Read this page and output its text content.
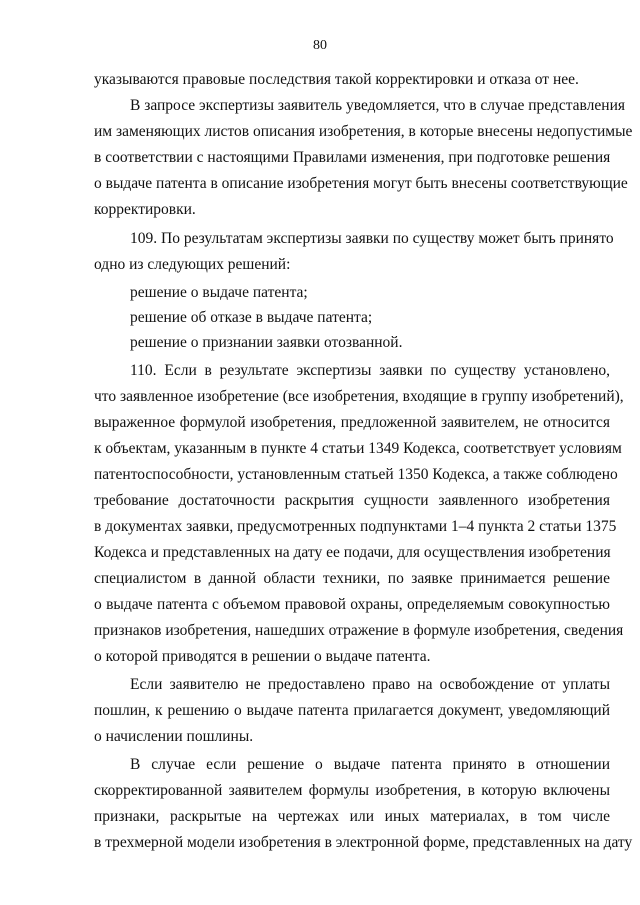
80
указываются правовые последствия такой корректировки и отказа от нее.
В запросе экспертизы заявитель уведомляется, что в случае представления
им заменяющих листов описания изобретения, в которые внесены недопустимые
в соответствии с настоящими Правилами изменения, при подготовке решения
о выдаче патента в описание изобретения могут быть внесены соответствующие
корректировки.
109. По результатам экспертизы заявки по существу может быть принято
одно из следующих решений:
решение о выдаче патента;
решение об отказе в выдаче патента;
решение о признании заявки отозванной.
110. Если в результате экспертизы заявки по существу установлено,
что заявленное изобретение (все изобретения, входящие в группу изобретений),
выраженное формулой изобретения, предложенной заявителем, не относится
к объектам, указанным в пункте 4 статьи 1349 Кодекса, соответствует условиям
патентоспособности, установленным статьей 1350 Кодекса, а также соблюдено
требование достаточности раскрытия сущности заявленного изобретения
в документах заявки, предусмотренных подпунктами 1–4 пункта 2 статьи 1375
Кодекса и представленных на дату ее подачи, для осуществления изобретения
специалистом в данной области техники, по заявке принимается решение
о выдаче патента с объемом правовой охраны, определяемым совокупностью
признаков изобретения, нашедших отражение в формуле изобретения, сведения
о которой приводятся в решении о выдаче патента.
Если заявителю не предоставлено право на освобождение от уплаты
пошлин, к решению о выдаче патента прилагается документ, уведомляющий
о начислении пошлины.
В случае если решение о выдаче патента принято в отношении
скорректированной заявителем формулы изобретения, в которую включены
признаки, раскрытые на чертежах или иных материалах, в том числе
в трехмерной модели изобретения в электронной форме, представленных на дату
